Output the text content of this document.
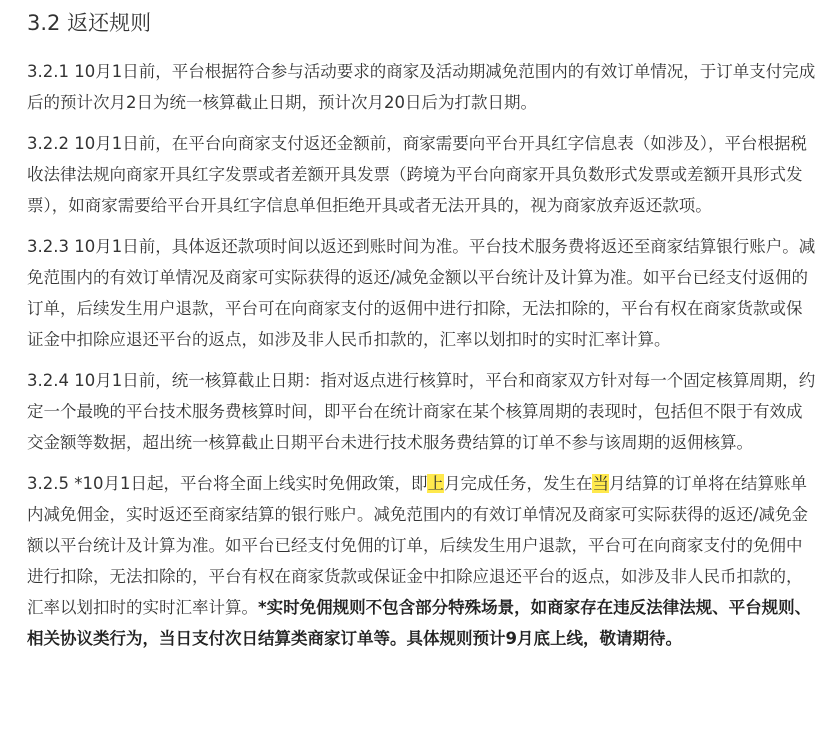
3.2 返还规则

3.2.1 10月1日前，平台根据符合参与活动要求的商家及活动期减免范围内的有效订单情况，于订单支付完成后的预计次月2日为统一核算截止日期，预计次月20日后为打款日期。

3.2.2 10月1日前，在平台向商家支付返还金额前，商家需要向平台开具红字信息表（如涉及），平台根据税收法律法规向商家开具红字发票或者差额开具发票（跨境为平台向商家开具负数形式发票或差额开具形式发票），如商家需要给平台开具红字信息单但拒绝开具或者无法开具的，视为商家放弃返还款项。

3.2.3 10月1日前，具体返还款项时间以返还到账时间为准。平台技术服务费将返还至商家结算银行账户。减免范围内的有效订单情况及商家可实际获得的返还/减免金额以平台统计及计算为准。如平台已经支付返佣的订单，后续发生用户退款，平台可在向商家支付的返佣中进行扣除，无法扣除的，平台有权在商家货款或保证金中扣除应退还平台的返点，如涉及非人民币扣款的，汇率以划扣时的实时汇率计算。

3.2.4 10月1日前，统一核算截止日期：指对返点进行核算时，平台和商家双方针对每一个固定核算周期，约定一个最晚的平台技术服务费核算时间，即平台在统计商家在某个核算周期的表现时，包括但不限于有效成交金额等数据，超出统一核算截止日期平台未进行技术服务费结算的订单不参与该周期的返佣核算。

3.2.5 *10月1日起，平台将全面上线实时免佣政策，即上月完成任务，发生在当月结算的订单将在结算账单内减免佣金，实时返还至商家结算的银行账户。减免范围内的有效订单情况及商家可实际获得的返还/减免金额以平台统计及计算为准。如平台已经支付免佣的订单，后续发生用户退款，平台可在向商家支付的免佣中进行扣除，无法扣除的，平台有权在商家货款或保证金中扣除应退还平台的返点，如涉及非人民币扣款的，汇率以划扣时的实时汇率计算。*实时免佣规则不包含部分特殊场景，如商家存在违反法律法规、平台规则、相关协议类行为，当日支付次日结算类商家订单等。具体规则预计9月底上线，敬请期待。
